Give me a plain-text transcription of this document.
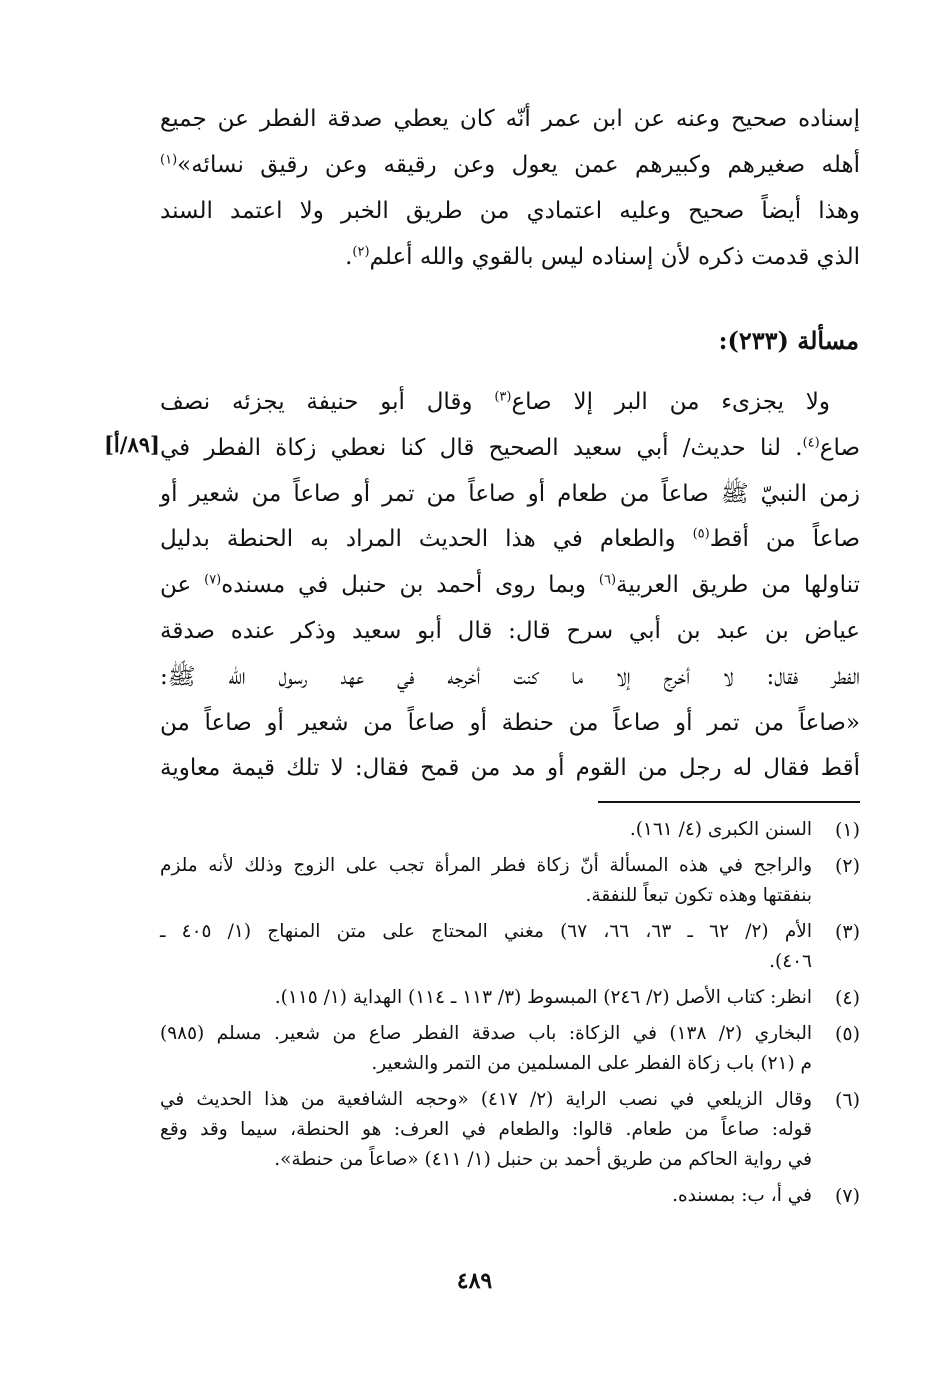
إسناده صحيح وعنه عن ابن عمر أنّه كان يعطي صدقة الفطر عن جميع
أهله صغيرهم وكبيرهم عمن يعول وعن رقيقه وعن رقيق نسائه»$^{(١)}$
وهذا أيضاً صحيح وعليه اعتمادي من طريق الخبر ولا اعتمد السند
الذي قدمت ذكره لأن إسناده ليس بالقوي والله أعلم$^{(٢)}$.
مسألة (٢٣٣):
ولا يجزىء من البر إلا صاع$^{(٣)}$ وقال أبو حنيفة يجزئه نصف
صاع$^{(٤)}$. لنا حديث/ أبي سعيد الصحيح قال كنا نعطي زكاة الفطر في
زمن النبيّ ﷺ صاعاً من طعام أو صاعاً من تمر أو صاعاً من شعير أو
صاعاً من أقط$^{(٥)}$ والطعام في هذا الحديث المراد به الحنطة بدليل
تناولها من طريق العربية$^{(٦)}$ وبما روى أحمد بن حنبل في مسنده$^{(٧)}$ عن
عياض بن عبد بن أبي سرح قال: قال أبو سعيد وذكر عنده صدقة
الفطر فقال: لا أخرج إلا ما كنت أخرجه في عهد رسول الله ﷺ:
«صاعاً من تمر أو صاعاً من حنطة أو صاعاً من شعير أو صاعاً من
أقط فقال له رجل من القوم أو مد من قمح فقال: لا تلك قيمة معاوية
[٨٩/أ]
(١)
السنن الكبرى (٤/ ١٦١).
(٢)
والراجح في هذه المسألة أنّ زكاة فطر المرأة تجب على الزوج وذلك لأنه ملزم
بنفقتها وهذه تكون تبعاً للنفقة.
(٣)
الأم (٢/ ٦٢ ـ ٦٣، ٦٦، ٦٧) مغني المحتاج على متن المنهاج (١/ ٤٠٥ ـ
٤٠٦).
(٤)
انظر: كتاب الأصل (٢/ ٢٤٦) المبسوط (٣/ ١١٣ ـ ١١٤) الهداية (١/ ١١٥).
(٥)
البخاري (٢/ ١٣٨) في الزكاة: باب صدقة الفطر صاع من شعير. مسلم (٩٨٥)
م (٢١) باب زكاة الفطر على المسلمين من التمر والشعير.
(٦)
وقال الزيلعي في نصب الراية (٢/ ٤١٧) «وحجه الشافعية من هذا الحديث في
قوله: صاعاً من طعام. قالوا: والطعام في العرف: هو الحنطة، سيما وقد وقع
في رواية الحاكم من طريق أحمد بن حنبل (١/ ٤١١) «صاعاً من حنطة».
(٧)
في أ، ب: بمسنده.
٤٨٩
